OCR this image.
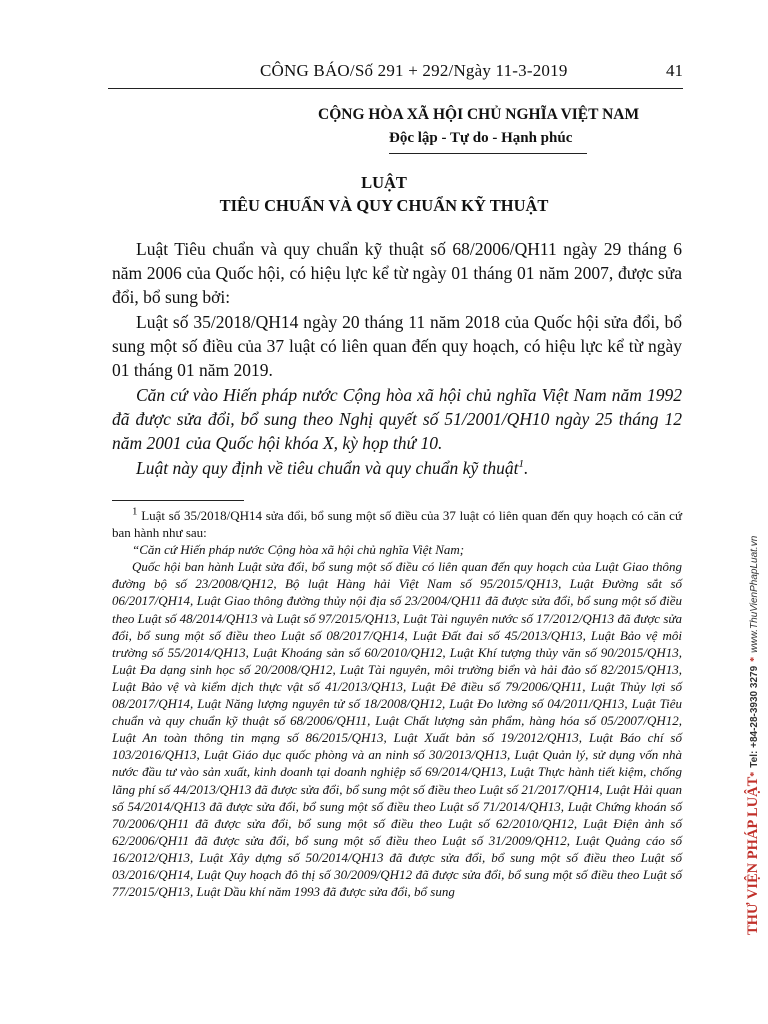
CÔNG BÁO/Số 291 + 292/Ngày 11-3-2019	41
CỘNG HÒA XÃ HỘI CHỦ NGHĨA VIỆT NAM
Độc lập - Tự do - Hạnh phúc
LUẬT
TIÊU CHUẨN VÀ QUY CHUẨN KỸ THUẬT

Luật Tiêu chuẩn và quy chuẩn kỹ thuật số 68/2006/QH11 ngày 29 tháng 6 năm 2006 của Quốc hội, có hiệu lực kể từ ngày 01 tháng 01 năm 2007, được sửa đổi, bổ sung bởi:

Luật số 35/2018/QH14 ngày 20 tháng 11 năm 2018 của Quốc hội sửa đổi, bổ sung một số điều của 37 luật có liên quan đến quy hoạch, có hiệu lực kể từ ngày 01 tháng 01 năm 2019.

Căn cứ vào Hiến pháp nước Cộng hòa xã hội chủ nghĩa Việt Nam năm 1992 đã được sửa đổi, bổ sung theo Nghị quyết số 51/2001/QH10 ngày 25 tháng 12 năm 2001 của Quốc hội khóa X, kỳ họp thứ 10.

Luật này quy định về tiêu chuẩn và quy chuẩn kỹ thuật$^1$.

$^1$ Luật số 35/2018/QH14 sửa đổi, bổ sung một số điều của 37 luật có liên quan đến quy hoạch có căn cứ ban hành như sau:

“Căn cứ Hiến pháp nước Cộng hòa xã hội chủ nghĩa Việt Nam;

Quốc hội ban hành Luật sửa đổi, bổ sung một số điều có liên quan đến quy hoạch của Luật Giao thông đường bộ số 23/2008/QH12, Bộ luật Hàng hải Việt Nam số 95/2015/QH13, Luật Đường sắt số 06/2017/QH14, Luật Giao thông đường thủy nội địa số 23/2004/QH11 đã được sửa đổi, bổ sung một số điều theo Luật số 48/2014/QH13 và Luật số 97/2015/QH13, Luật Tài nguyên nước số 17/2012/QH13 đã được sửa đổi, bổ sung một số điều theo Luật số 08/2017/QH14, Luật Đất đai số 45/2013/QH13, Luật Bảo vệ môi trường số 55/2014/QH13, Luật Khoáng sản số 60/2010/QH12, Luật Khí tượng thủy văn số 90/2015/QH13, Luật Đa dạng sinh học số 20/2008/QH12, Luật Tài nguyên, môi trường biển và hải đảo số 82/2015/QH13, Luật Bảo vệ và kiểm dịch thực vật số 41/2013/QH13, Luật Đê điều số 79/2006/QH11, Luật Thủy lợi số 08/2017/QH14, Luật Năng lượng nguyên tử số 18/2008/QH12, Luật Đo lường số 04/2011/QH13, Luật Tiêu chuẩn và quy chuẩn kỹ thuật số 68/2006/QH11, Luật Chất lượng sản phẩm, hàng hóa số 05/2007/QH12, Luật An toàn thông tin mạng số 86/2015/QH13, Luật Xuất bản số 19/2012/QH13, Luật Báo chí số 103/2016/QH13, Luật Giáo dục quốc phòng và an ninh số 30/2013/QH13, Luật Quản lý, sử dụng vốn nhà nước đầu tư vào sản xuất, kinh doanh tại doanh nghiệp số 69/2014/QH13, Luật Thực hành tiết kiệm, chống lãng phí số 44/2013/QH13 đã được sửa đổi, bổ sung một số điều theo Luật số 21/2017/QH14, Luật Hải quan số 54/2014/QH13 đã được sửa đổi, bổ sung một số điều theo Luật số 71/2014/QH13, Luật Chứng khoán số 70/2006/QH11 đã được sửa đổi, bổ sung một số điều theo Luật số 62/2010/QH12, Luật Điện ảnh số 62/2006/QH11 đã được sửa đổi, bổ sung một số điều theo Luật số 31/2009/QH12, Luật Quảng cáo số 16/2012/QH13, Luật Xây dựng số 50/2014/QH13 đã được sửa đổi, bổ sung một số điều theo Luật số 03/2016/QH14, Luật Quy hoạch đô thị số 30/2009/QH12 đã được sửa đổi, bổ sung một số điều theo Luật số 77/2015/QH13, Luật Dầu khí năm 1993 đã được sửa đổi, bổ sung	THƯ VIỆN PHÁP LUẬT* Tel: +84-28-3930 3279 * www.ThuVienPhapLuat.vn
